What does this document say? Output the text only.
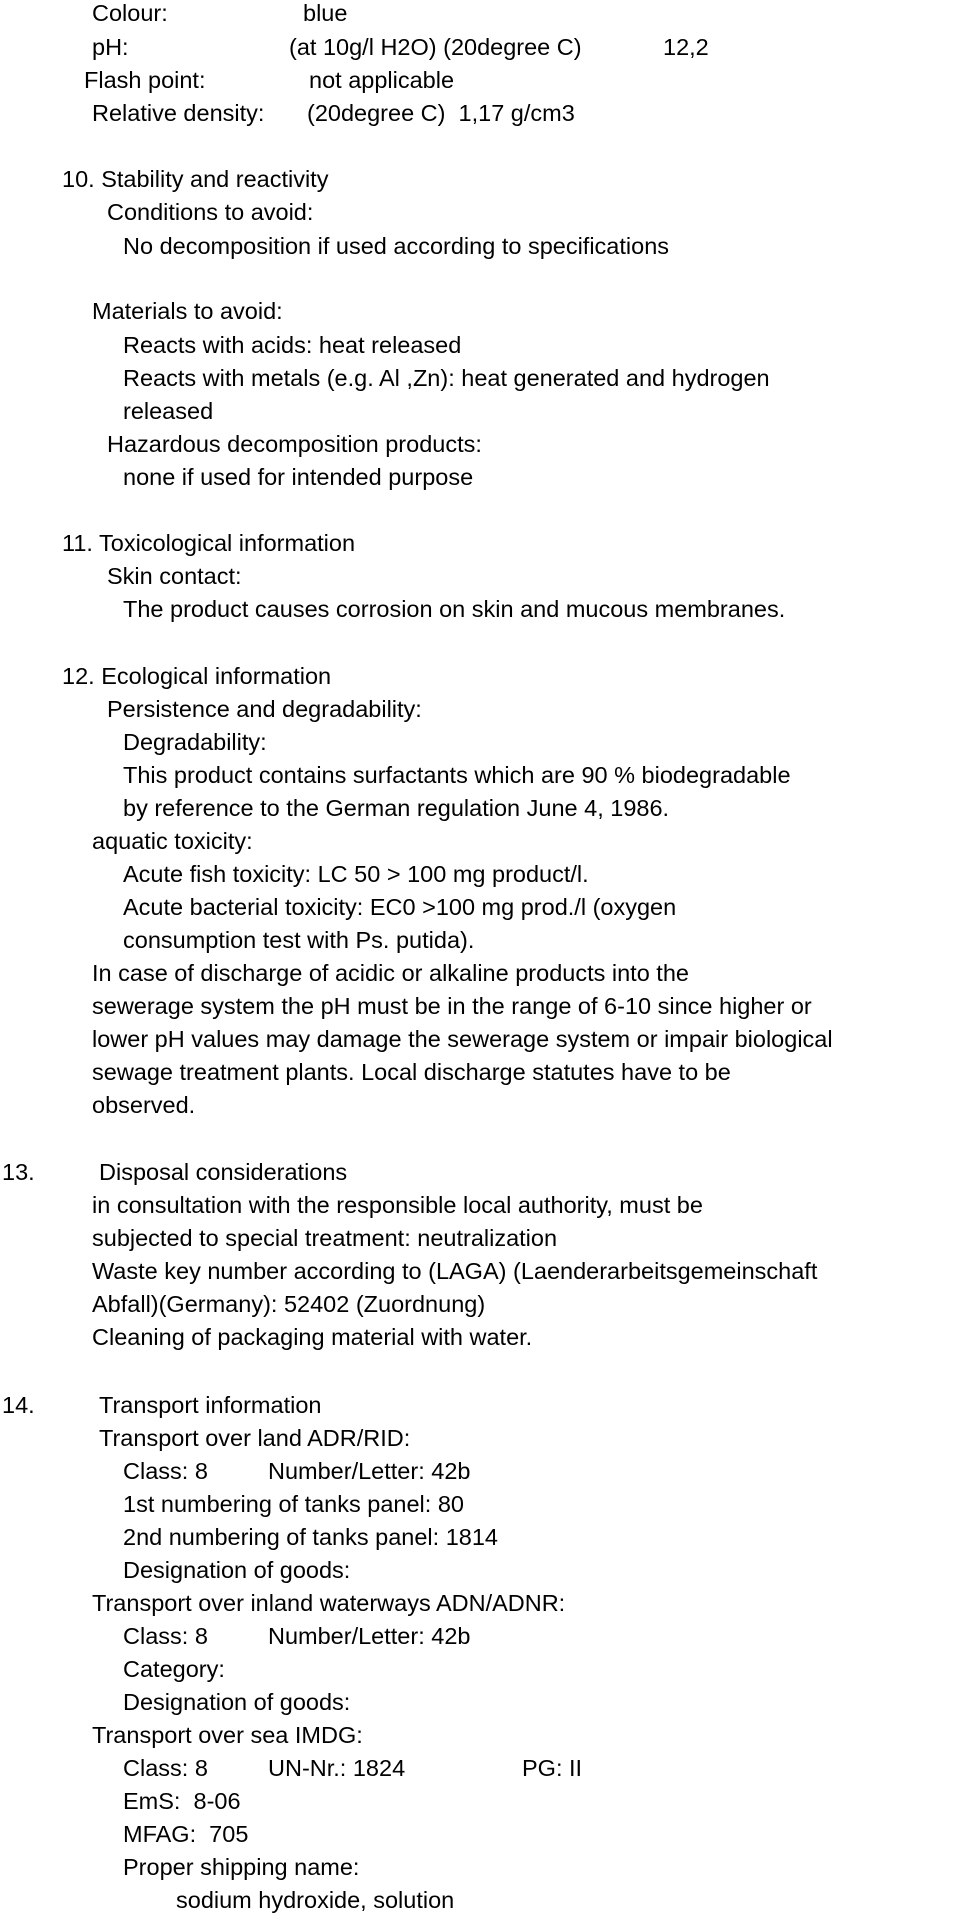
Colour:	blue

pH:	(at 10g/l H2O) (20degree C)	12,2

Flash point:	not applicable

Relative density: (20degree C)  1,17 g/cm3

10. Stability and reactivity

Conditions to avoid:

No decomposition if used according to specifications

Materials to avoid:

Reacts with acids: heat released

Reacts with metals (e.g. Al ,Zn): heat generated and hydrogen

released

Hazardous decomposition products:

none if used for intended purpose

11. Toxicological information

Skin contact:

The product causes corrosion on skin and mucous membranes.

12. Ecological information

Persistence and degradability:

Degradability:

This product contains surfactants which are 90 % biodegradable

by reference to the German regulation June 4, 1986.

aquatic toxicity:

Acute fish toxicity: LC 50 > 100 mg product/l.

Acute bacterial toxicity: EC0 >100 mg prod./l (oxygen

consumption test with Ps. putida).

In case of discharge of acidic or alkaline products into the

sewerage system the pH must be in the range of 6-10 since higher or

lower pH values may damage the sewerage system or impair biological

sewage treatment plants. Local discharge statutes have to be

observed.

13.	Disposal considerations

in consultation with the responsible local authority, must be

subjected to special treatment: neutralization

Waste key number according to (LAGA) (Laenderarbeitsgemeinschaft

Abfall)(Germany): 52402 (Zuordnung)

Cleaning of packaging material with water.

14.	Transport information

Transport over land ADR/RID:

Class: 8	Number/Letter: 42b

1st numbering of tanks panel: 80

2nd numbering of tanks panel: 1814

Designation of goods:

Transport over inland waterways ADN/ADNR:

Class: 8	Number/Letter: 42b

Category:

Designation of goods:

Transport over sea IMDG:

Class: 8	UN-Nr.: 1824	PG: II

EmS:  8-06

MFAG:  705

Proper shipping name:

sodium hydroxide, solution
